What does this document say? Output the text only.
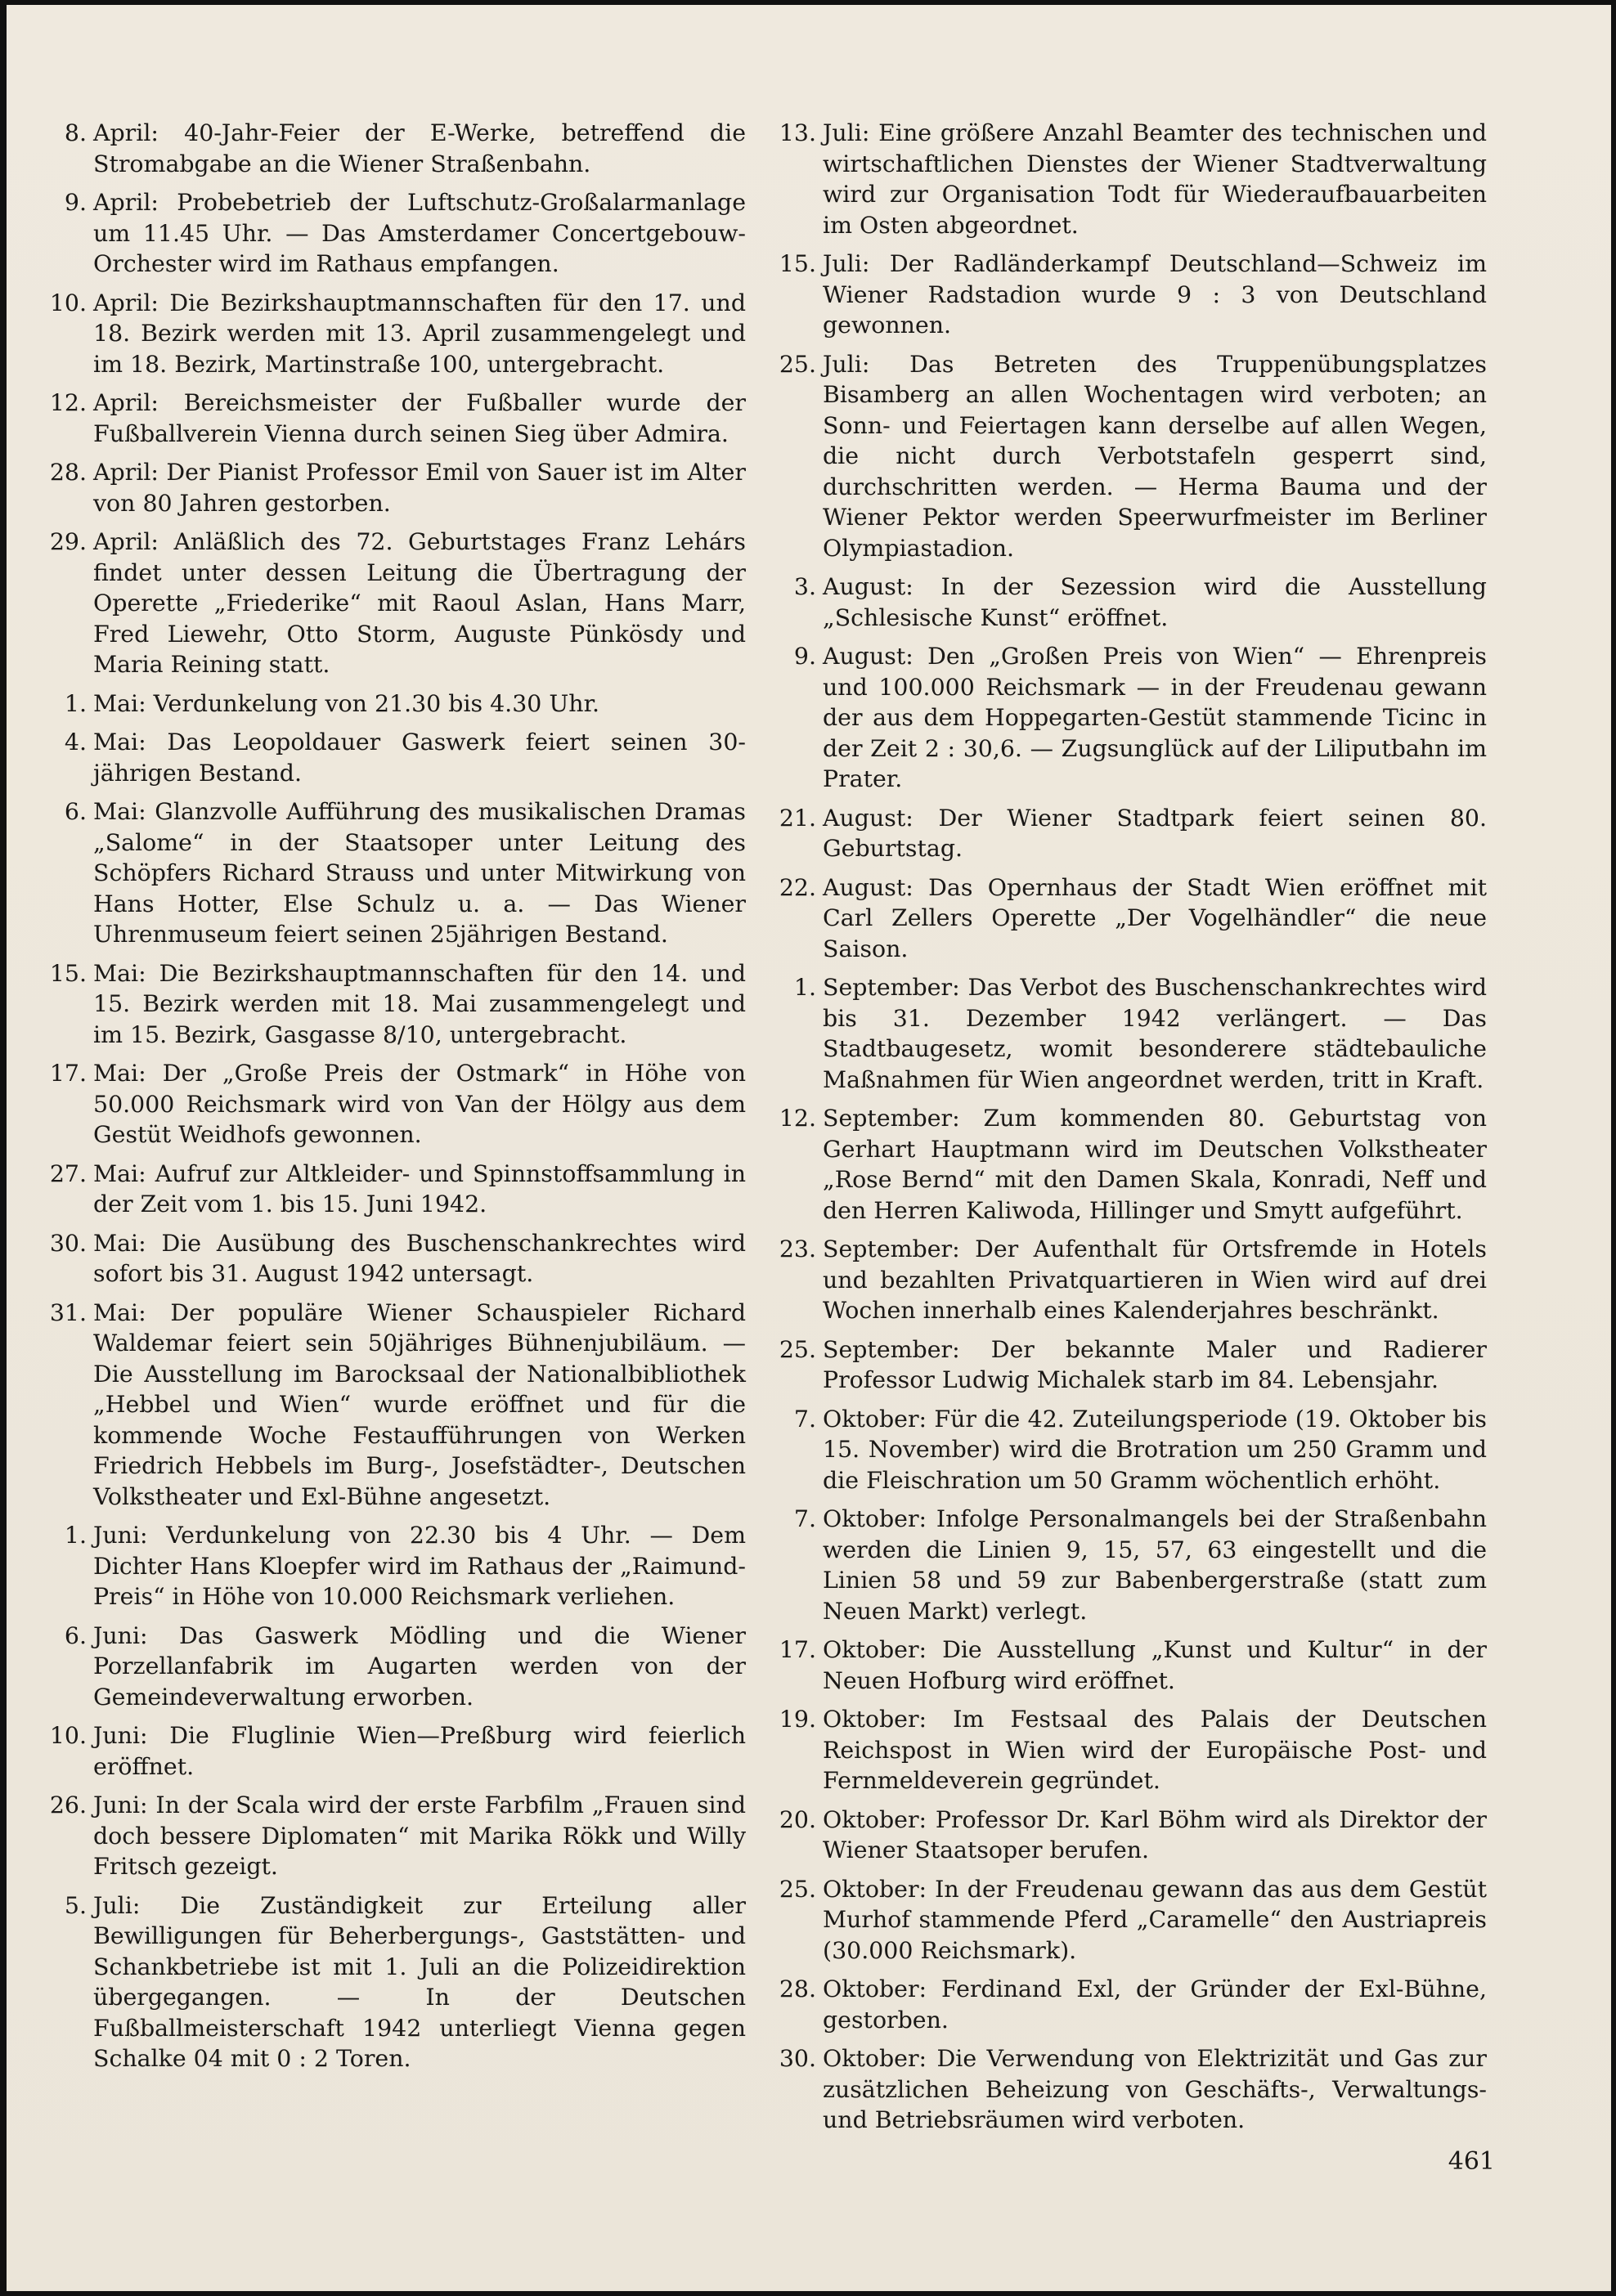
8. April: 40-Jahr-Feier der E-Werke, betreffend die Stromabgabe an die Wiener Straßenbahn.
9. April: Probebetrieb der Luftschutz-Großalarmanlage um 11.45 Uhr. — Das Amsterdamer Concertgebouw-Orchester wird im Rathaus empfangen.
10. April: Die Bezirkshauptmannschaften für den 17. und 18. Bezirk werden mit 13. April zusammengelegt und im 18. Bezirk, Martinstraße 100, untergebracht.
12. April: Bereichsmeister der Fußballer wurde der Fußballverein Vienna durch seinen Sieg über Admira.
28. April: Der Pianist Professor Emil von Sauer ist im Alter von 80 Jahren gestorben.
29. April: Anläßlich des 72. Geburtstages Franz Lehárs findet unter dessen Leitung die Übertragung der Operette „Friederike“ mit Raoul Aslan, Hans Marr, Fred Liewehr, Otto Storm, Auguste Pünkösdy und Maria Reining statt.
1. Mai: Verdunkelung von 21.30 bis 4.30 Uhr.
4. Mai: Das Leopoldauer Gaswerk feiert seinen 30-jährigen Bestand.
6. Mai: Glanzvolle Aufführung des musikalischen Dramas „Salome“ in der Staatsoper unter Leitung des Schöpfers Richard Strauss und unter Mitwirkung von Hans Hotter, Else Schulz u. a. — Das Wiener Uhrenmuseum feiert seinen 25jährigen Bestand.
15. Mai: Die Bezirkshauptmannschaften für den 14. und 15. Bezirk werden mit 18. Mai zusammengelegt und im 15. Bezirk, Gasgasse 8/10, untergebracht.
17. Mai: Der „Große Preis der Ostmark“ in Höhe von 50.000 Reichsmark wird von Van der Hölgy aus dem Gestüt Weidhofs gewonnen.
27. Mai: Aufruf zur Altkleider- und Spinnstoffsammlung in der Zeit vom 1. bis 15. Juni 1942.
30. Mai: Die Ausübung des Buschenschankrechtes wird sofort bis 31. August 1942 untersagt.
31. Mai: Der populäre Wiener Schauspieler Richard Waldemar feiert sein 50jähriges Bühnenjubiläum. — Die Ausstellung im Barocksaal der Nationalbibliothek „Hebbel und Wien“ wurde eröffnet und für die kommende Woche Festaufführungen von Werken Friedrich Hebbels im Burg-, Josefstädter-, Deutschen Volkstheater und Exl-Bühne angesetzt.
1. Juni: Verdunkelung von 22.30 bis 4 Uhr. — Dem Dichter Hans Kloepfer wird im Rathaus der „Raimund-Preis“ in Höhe von 10.000 Reichsmark verliehen.
6. Juni: Das Gaswerk Mödling und die Wiener Porzellanfabrik im Augarten werden von der Gemeindeverwaltung erworben.
10. Juni: Die Fluglinie Wien—Preßburg wird feierlich eröffnet.
26. Juni: In der Scala wird der erste Farbfilm „Frauen sind doch bessere Diplomaten“ mit Marika Rökk und Willy Fritsch gezeigt.
5. Juli: Die Zuständigkeit zur Erteilung aller Bewilligungen für Beherbergungs-, Gaststätten- und Schankbetriebe ist mit 1. Juli an die Polizeidirektion übergegangen. — In der Deutschen Fußballmeisterschaft 1942 unterliegt Vienna gegen Schalke 04 mit 0 : 2 Toren.
13. Juli: Eine größere Anzahl Beamter des technischen und wirtschaftlichen Dienstes der Wiener Stadtverwaltung wird zur Organisation Todt für Wiederaufbauarbeiten im Osten abgeordnet.
15. Juli: Der Radländerkampf Deutschland—Schweiz im Wiener Radstadion wurde 9 : 3 von Deutschland gewonnen.
25. Juli: Das Betreten des Truppenübungsplatzes Bisamberg an allen Wochentagen wird verboten; an Sonn- und Feiertagen kann derselbe auf allen Wegen, die nicht durch Verbotstafeln gesperrt sind, durchschritten werden. — Herma Bauma und der Wiener Pektor werden Speerwurfmeister im Berliner Olympiastadion.
3. August: In der Sezession wird die Ausstellung „Schlesische Kunst“ eröffnet.
9. August: Den „Großen Preis von Wien“ — Ehrenpreis und 100.000 Reichsmark — in der Freudenau gewann der aus dem Hoppegarten-Gestüt stammende Ticinc in der Zeit 2 : 30,6. — Zugsunglück auf der Liliputbahn im Prater.
21. August: Der Wiener Stadtpark feiert seinen 80. Geburtstag.
22. August: Das Opernhaus der Stadt Wien eröffnet mit Carl Zellers Operette „Der Vogelhändler“ die neue Saison.
1. September: Das Verbot des Buschenschankrechtes wird bis 31. Dezember 1942 verlängert. — Das Stadtbaugesetz, womit besonderere städtebauliche Maßnahmen für Wien angeordnet werden, tritt in Kraft.
12. September: Zum kommenden 80. Geburtstag von Gerhart Hauptmann wird im Deutschen Volkstheater „Rose Bernd“ mit den Damen Skala, Konradi, Neff und den Herren Kaliwoda, Hillinger und Smytt aufgeführt.
23. September: Der Aufenthalt für Ortsfremde in Hotels und bezahlten Privatquartieren in Wien wird auf drei Wochen innerhalb eines Kalenderjahres beschränkt.
25. September: Der bekannte Maler und Radierer Professor Ludwig Michalek starb im 84. Lebensjahr.
7. Oktober: Für die 42. Zuteilungsperiode (19. Oktober bis 15. November) wird die Brotration um 250 Gramm und die Fleischration um 50 Gramm wöchentlich erhöht.
7. Oktober: Infolge Personalmangels bei der Straßenbahn werden die Linien 9, 15, 57, 63 eingestellt und die Linien 58 und 59 zur Babenbergerstraße (statt zum Neuen Markt) verlegt.
17. Oktober: Die Ausstellung „Kunst und Kultur“ in der Neuen Hofburg wird eröffnet.
19. Oktober: Im Festsaal des Palais der Deutschen Reichspost in Wien wird der Europäische Post- und Fernmeldeverein gegründet.
20. Oktober: Professor Dr. Karl Böhm wird als Direktor der Wiener Staatsoper berufen.
25. Oktober: In der Freudenau gewann das aus dem Gestüt Murhof stammende Pferd „Caramelle“ den Austriapreis (30.000 Reichsmark).
28. Oktober: Ferdinand Exl, der Gründer der Exl-Bühne, gestorben.
30. Oktober: Die Verwendung von Elektrizität und Gas zur zusätzlichen Beheizung von Geschäfts-, Verwaltungs- und Betriebsräumen wird verboten.
461
